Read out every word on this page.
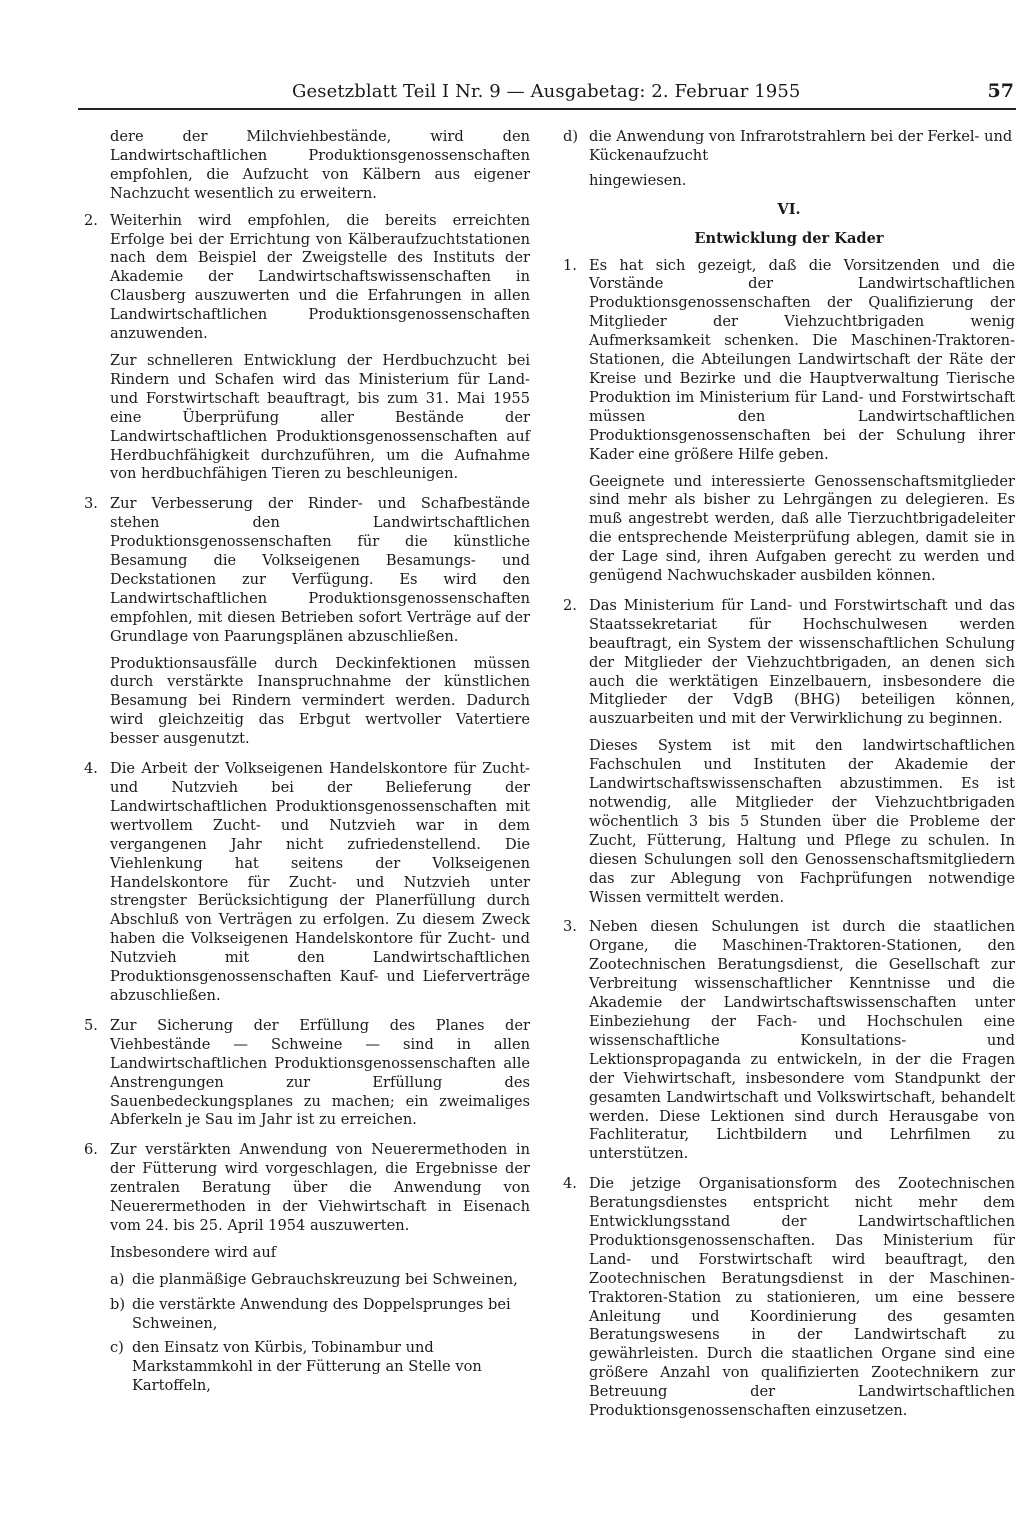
Gesetzblatt Teil I Nr. 9 — Ausgabetag: 2. Februar 1955	57

dere der Milchviehbestände, wird den Landwirtschaftlichen Produktionsgenossenschaften empfohlen, die Aufzucht von Kälbern aus eigener Nachzucht wesentlich zu erweitern.

2. Weiterhin wird empfohlen, die bereits erreichten Erfolge bei der Errichtung von Kälberaufzuchtstationen nach dem Beispiel der Zweigstelle des Instituts der Akademie der Landwirtschaftswissenschaften in Clausberg auszuwerten und die Erfahrungen in allen Landwirtschaftlichen Produktionsgenossenschaften anzuwenden.

Zur schnelleren Entwicklung der Herdbuchzucht bei Rindern und Schafen wird das Ministerium für Land- und Forstwirtschaft beauftragt, bis zum 31. Mai 1955 eine Überprüfung aller Bestände der Landwirtschaftlichen Produktionsgenossenschaften auf Herdbuchfähigkeit durchzuführen, um die Aufnahme von herdbuchfähigen Tieren zu beschleunigen.

3. Zur Verbesserung der Rinder- und Schafbestände stehen den Landwirtschaftlichen Produktionsgenossenschaften für die künstliche Besamung die Volkseigenen Besamungs- und Deckstationen zur Verfügung. Es wird den Landwirtschaftlichen Produktionsgenossenschaften empfohlen, mit diesen Betrieben sofort Verträge auf der Grundlage von Paarungsplänen abzuschließen.

Produktionsausfälle durch Deckinfektionen müssen durch verstärkte Inanspruchnahme der künstlichen Besamung bei Rindern vermindert werden. Dadurch wird gleichzeitig das Erbgut wertvoller Vatertiere besser ausgenutzt.

4. Die Arbeit der Volkseigenen Handelskontore für Zucht- und Nutzvieh bei der Belieferung der Landwirtschaftlichen Produktionsgenossenschaften mit wertvollem Zucht- und Nutzvieh war in dem vergangenen Jahr nicht zufriedenstellend. Die Viehlenkung hat seitens der Volkseigenen Handelskontore für Zucht- und Nutzvieh unter strengster Berücksichtigung der Planerfüllung durch Abschluß von Verträgen zu erfolgen. Zu diesem Zweck haben die Volkseigenen Handelskontore für Zucht- und Nutzvieh mit den Landwirtschaftlichen Produktionsgenossenschaften Kauf- und Lieferverträge abzuschließen.

5. Zur Sicherung der Erfüllung des Planes der Viehbestände — Schweine — sind in allen Landwirtschaftlichen Produktionsgenossenschaften alle Anstrengungen zur Erfüllung des Sauenbedeckungsplanes zu machen; ein zweimaliges Abferkeln je Sau im Jahr ist zu erreichen.

6. Zur verstärkten Anwendung von Neuerermethoden in der Fütterung wird vorgeschlagen, die Ergebnisse der zentralen Beratung über die Anwendung von Neuerermethoden in der Viehwirtschaft in Eisenach vom 24. bis 25. April 1954 auszuwerten.

Insbesondere wird auf

a) die planmäßige Gebrauchskreuzung bei Schweinen,
b) die verstärkte Anwendung des Doppelsprunges bei Schweinen,
c) den Einsatz von Kürbis, Tobinambur und Markstammkohl in der Fütterung an Stelle von Kartoffeln,
d) die Anwendung von Infrarotstrahlern bei der Ferkel- und Kückenaufzucht

hingewiesen.

VI.
Entwicklung der Kader
1. Es hat sich gezeigt, daß die Vorsitzenden und die Vorstände der Landwirtschaftlichen Produktionsgenossenschaften der Qualifizierung der Mitglieder der Viehzuchtbrigaden wenig Aufmerksamkeit schenken. Die Maschinen-Traktoren-Stationen, die Abteilungen Landwirtschaft der Räte der Kreise und Bezirke und die Hauptverwaltung Tierische Produktion im Ministerium für Land- und Forstwirtschaft müssen den Landwirtschaftlichen Produktionsgenossenschaften bei der Schulung ihrer Kader eine größere Hilfe geben.

Geeignete und interessierte Genossenschaftsmitglieder sind mehr als bisher zu Lehrgängen zu delegieren. Es muß angestrebt werden, daß alle Tierzuchtbrigadeleiter die entsprechende Meisterprüfung ablegen, damit sie in der Lage sind, ihren Aufgaben gerecht zu werden und genügend Nachwuchskader ausbilden können.

2. Das Ministerium für Land- und Forstwirtschaft und das Staatssekretariat für Hochschulwesen werden beauftragt, ein System der wissenschaftlichen Schulung der Mitglieder der Viehzuchtbrigaden, an denen sich auch die werktätigen Einzelbauern, insbesondere die Mitglieder der VdgB (BHG) beteiligen können, auszuarbeiten und mit der Verwirklichung zu beginnen.

Dieses System ist mit den landwirtschaftlichen Fachschulen und Instituten der Akademie der Landwirtschaftswissenschaften abzustimmen. Es ist notwendig, alle Mitglieder der Viehzuchtbrigaden wöchentlich 3 bis 5 Stunden über die Probleme der Zucht, Fütterung, Haltung und Pflege zu schulen. In diesen Schulungen soll den Genossenschaftsmitgliedern das zur Ablegung von Fachprüfungen notwendige Wissen vermittelt werden.

3. Neben diesen Schulungen ist durch die staatlichen Organe, die Maschinen-Traktoren-Stationen, den Zootechnischen Beratungsdienst, die Gesellschaft zur Verbreitung wissenschaftlicher Kenntnisse und die Akademie der Landwirtschaftswissenschaften unter Einbeziehung der Fach- und Hochschulen eine wissenschaftliche Konsultations- und Lektionspropaganda zu entwickeln, in der die Fragen der Viehwirtschaft, insbesondere vom Standpunkt der gesamten Landwirtschaft und Volkswirtschaft, behandelt werden. Diese Lektionen sind durch Herausgabe von Fachliteratur, Lichtbildern und Lehrfilmen zu unterstützen.

4. Die jetzige Organisationsform des Zootechnischen Beratungsdienstes entspricht nicht mehr dem Entwicklungsstand der Landwirtschaftlichen Produktionsgenossenschaften. Das Ministerium für Land- und Forstwirtschaft wird beauftragt, den Zootechnischen Beratungsdienst in der Maschinen-Traktoren-Station zu stationieren, um eine bessere Anleitung und Koordinierung des gesamten Beratungswesens in der Landwirtschaft zu gewährleisten. Durch die staatlichen Organe sind eine größere Anzahl von qualifizierten Zootechnikern zur Betreuung der Landwirtschaftlichen Produktionsgenossenschaften einzusetzen.
